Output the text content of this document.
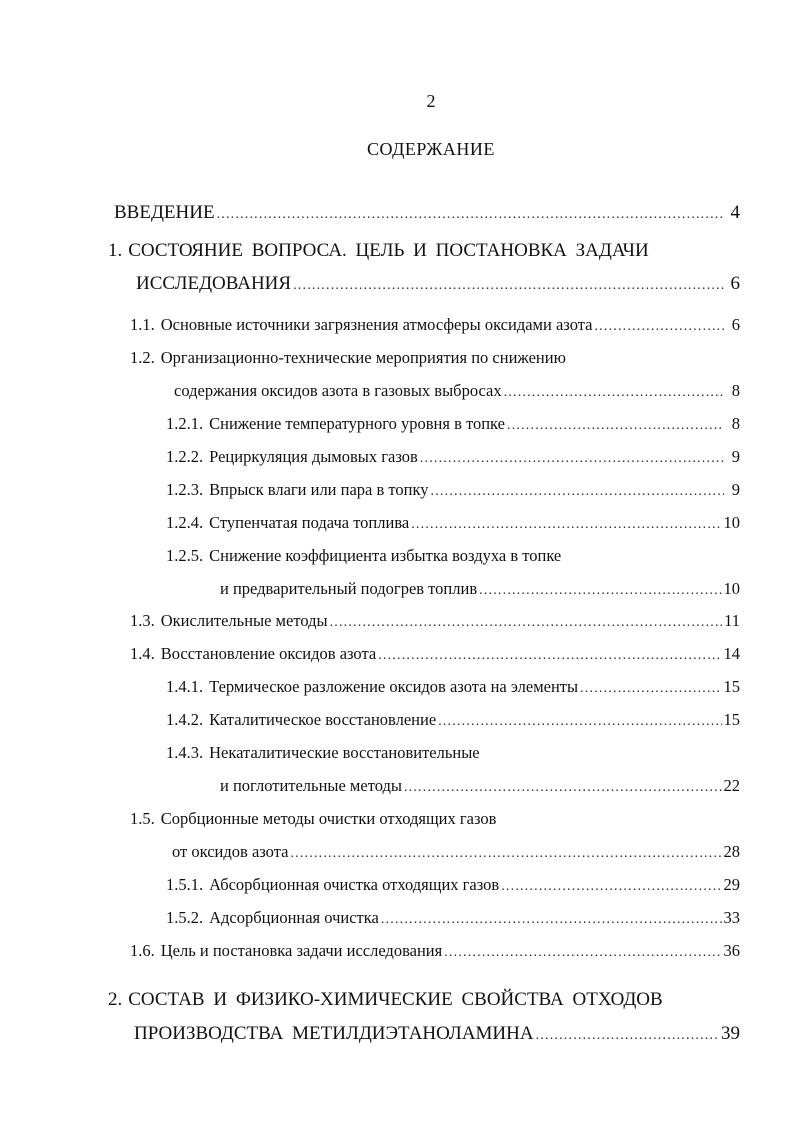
2
СОДЕРЖАНИЕ
ВВЕДЕНИЕ .....	4
1. СОСТОЯНИЕ ВОПРОСА. ЦЕЛЬ И ПОСТАНОВКА ЗАДАЧИ
ИССЛЕДОВАНИЯ .....	6
1.1. Основные источники загрязнения атмосферы оксидами азота .....	6
1.2. Организационно-технические мероприятия по снижению
содержания оксидов азота в газовых выбросах .....	8
1.2.1. Снижение температурного уровня в топке .....	8
1.2.2. Рециркуляция дымовых газов .....	9
1.2.3. Впрыск влаги или пара в топку .....	9
1.2.4. Ступенчатая подача топлива .....	10
1.2.5. Снижение коэффициента избытка воздуха в топке
и предварительный подогрев топлив .....	10
1.3. Окислительные методы .....	11
1.4. Восстановление оксидов азота .....	14
1.4.1. Термическое разложение оксидов азота на элементы .....	15
1.4.2. Каталитическое восстановление .....	15
1.4.3. Некаталитические восстановительные
и поглотительные методы .....	22
1.5. Сорбционные методы очистки отходящих газов
от оксидов азота .....	28
1.5.1. Абсорбционная очистка отходящих газов .....	29
1.5.2. Адсорбционная очистка .....	33
1.6. Цель и постановка задачи исследования .....	36
2. СОСТАВ И ФИЗИКО-ХИМИЧЕСКИЕ СВОЙСТВА ОТХОДОВ
ПРОИЗВОДСТВА МЕТИЛДИЭТАНОЛАМИНА .....	39
